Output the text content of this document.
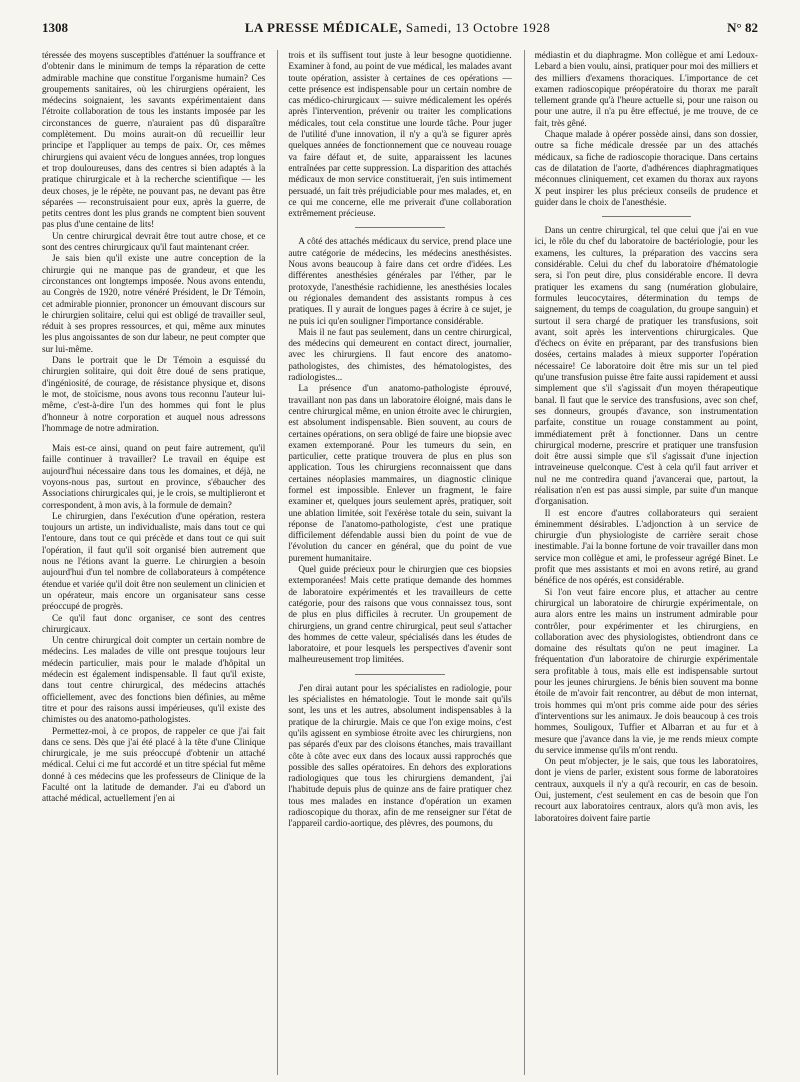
1308	LA PRESSE MÉDICALE, Samedi, 13 Octobre 1928	N° 82

téressée des moyens susceptibles d'atténuer la souffrance et d'obtenir dans le minimum de temps la réparation de cette admirable machine que constitue l'organisme humain? Ces groupements sanitaires, où les chirurgiens opéraient, les médecins soignaient, les savants expérimentaient dans l'étroite collaboration de tous les instants imposée par les circonstances de guerre, n'auraient pas dû disparaître complètement. Du moins aurait-on dû recueillir leur principe et l'appliquer au temps de paix. Or, ces mêmes chirurgiens qui avaient vécu de longues années, trop longues et trop douloureuses, dans des centres si bien adaptés à la pratique chirurgicale et à la recherche scientifique — les deux choses, je le répète, ne pouvant pas, ne devant pas être séparées — reconstruisaient pour eux, après la guerre, de petits centres dont les plus grands ne comptent bien souvent pas plus d'une centaine de lits!

Un centre chirurgical devrait être tout autre chose, et ce sont des centres chirurgicaux qu'il faut maintenant créer.

Je sais bien qu'il existe une autre conception de la chirurgie qui ne manque pas de grandeur, et que les circonstances ont longtemps imposée. Nous avons entendu, au Congrès de 1920, notre vénéré Président, le Dr Témoin, cet admirable pionnier, prononcer un émouvant discours sur le chirurgien solitaire, celui qui est obligé de travailler seul, réduit à ses propres ressources, et qui, même aux minutes les plus angoissantes de son dur labeur, ne peut compter que sur lui-même.

Dans le portrait que le Dr Témoin a esquissé du chirurgien solitaire, qui doit être doué de sens pratique, d'ingéniosité, de courage, de résistance physique et, disons le mot, de stoïcisme, nous avons tous reconnu l'auteur lui-même, c'est-à-dire l'un des hommes qui font le plus d'honneur à notre corporation et auquel nous adressons l'hommage de notre admiration.

Mais est-ce ainsi, quand on peut faire autrement, qu'il faille continuer à travailler? Le travail en équipe est aujourd'hui nécessaire dans tous les domaines, et déjà, ne voyons-nous pas, surtout en province, s'ébaucher des Associations chirurgicales qui, je le crois, se multiplieront et correspondent, à mon avis, à la formule de demain?

Le chirurgien, dans l'exécution d'une opération, restera toujours un artiste, un individualiste, mais dans tout ce qui l'entoure, dans tout ce qui précède et dans tout ce qui suit l'opération, il faut qu'il soit organisé bien autrement que nous ne l'étions avant la guerre. Le chirurgien a besoin aujourd'hui d'un tel nombre de collaborateurs à compétence étendue et variée qu'il doit être non seulement un clinicien et un opérateur, mais encore un organisateur sans cesse préoccupé de progrès.

Ce qu'il faut donc organiser, ce sont des centres chirurgicaux.

Un centre chirurgical doit compter un certain nombre de médecins. Les malades de ville ont presque toujours leur médecin particulier, mais pour le malade d'hôpital un médecin est également indispensable. Il faut qu'il existe, dans tout centre chirurgical, des médecins attachés officiellement, avec des fonctions bien définies, au même titre et pour des raisons aussi impérieuses, qu'il existe des chimistes ou des anatomo-pathologistes.

Permettez-moi, à ce propos, de rappeler ce que j'ai fait dans ce sens. Dès que j'ai été placé à la tête d'une Clinique chirurgicale, je me suis préoccupé d'obtenir un attaché médical. Celui ci me fut accordé et un titre spécial fut même donné à ces médecins que les professeurs de Clinique de la Faculté ont la latitude de demander. J'ai eu d'abord un attaché médical, actuellement j'en ai

trois et ils suffisent tout juste à leur besogne quotidienne. Examiner à fond, au point de vue médical, les malades avant toute opération, assister à certaines de ces opérations — cette présence est indispensable pour un certain nombre de cas médico-chirurgicaux — suivre médicalement les opérés après l'intervention, prévenir ou traiter les complications médicales, tout cela constitue une lourde tâche. Pour juger de l'utilité d'une innovation, il n'y a qu'à se figurer après quelques années de fonctionnement que ce nouveau rouage va faire défaut et, de suite, apparaissent les lacunes entraînées par cette suppression. La disparition des attachés médicaux de mon service constituerait, j'en suis intimement persuadé, un fait très préjudiciable pour mes malades, et, en ce qui me concerne, elle me priverait d'une collaboration extrêmement précieuse.

A côté des attachés médicaux du service, prend place une autre catégorie de médecins, les médecins anesthésistes. Nous avons beaucoup à faire dans cet ordre d'idées. Les différentes anesthésies générales par l'éther, par le protoxyde, l'anesthésie rachidienne, les anesthésies locales ou régionales demandent des assistants rompus à ces pratiques. Il y aurait de longues pages à écrire à ce sujet, je ne puis ici qu'en souligner l'importance considérable.

Mais il ne faut pas seulement, dans un centre chirurgical, des médecins qui demeurent en contact direct, journalier, avec les chirurgiens. Il faut encore des anatomo-pathologistes, des chimistes, des hématologistes, des radiologistes...

La présence d'un anatomo-pathologiste éprouvé, travaillant non pas dans un laboratoire éloigné, mais dans le centre chirurgical même, en union étroite avec le chirurgien, est absolument indispensable. Bien souvent, au cours de certaines opérations, on sera obligé de faire une biopsie avec examen extemporané. Pour les tumeurs du sein, en particulier, cette pratique trouvera de plus en plus son application. Tous les chirurgiens reconnaissent que dans certaines néoplasies mammaires, un diagnostic clinique formel est impossible. Enlever un fragment, le faire examiner et, quelques jours seulement après, pratiquer, soit une ablation limitée, soit l'exérèse totale du sein, suivant la réponse de l'anatomo-pathologiste, c'est une pratique difficilement défendable aussi bien du point de vue de l'évolution du cancer en général, que du point de vue purement humanitaire.

Quel guide précieux pour le chirurgien que ces biopsies extemporanées! Mais cette pratique demande des hommes de laboratoire expérimentés et les travailleurs de cette catégorie, pour des raisons que vous connaissez tous, sont de plus en plus difficiles à recruter. Un groupement de chirurgiens, un grand centre chirurgical, peut seul s'attacher des hommes de cette valeur, spécialisés dans les études de laboratoire, et pour lesquels les perspectives d'avenir sont malheureusement trop limitées.

J'en dirai autant pour les spécialistes en radiologie, pour les spécialistes en hématologie. Tout le monde sait qu'ils sont, les uns et les autres, absolument indispensables à la pratique de la chirurgie. Mais ce que l'on exige moins, c'est qu'ils agissent en symbiose étroite avec les chirurgiens, non pas séparés d'eux par des cloisons étanches, mais travaillant côte à côte avec eux dans des locaux aussi rapprochés que possible des salles opératoires. En dehors des explorations radiologiques que tous les chirurgiens demandent, j'ai l'habitude depuis plus de quinze ans de faire pratiquer chez tous mes malades en instance d'opération un examen radioscopique du thorax, afin de me renseigner sur l'état de l'appareil cardio-aortique, des plèvres, des poumons, du

médiastin et du diaphragme. Mon collègue et ami Ledoux-Lebard a bien voulu, ainsi, pratiquer pour moi des milliers et des milliers d'examens thoraciques. L'importance de cet examen radioscopique préopératoire du thorax me paraît tellement grande qu'à l'heure actuelle si, pour une raison ou pour une autre, il n'a pu être effectué, je me trouve, de ce fait, très gêné.

Chaque malade à opérer possède ainsi, dans son dossier, outre sa fiche médicale dressée par un des attachés médicaux, sa fiche de radioscopie thoracique. Dans certains cas de dilatation de l'aorte, d'adhérences diaphragmatiques méconnues cliniquement, cet examen du thorax aux rayons X peut inspirer les plus précieux conseils de prudence et guider dans le choix de l'anesthésie.

Dans un centre chirurgical, tel que celui que j'ai en vue ici, le rôle du chef du laboratoire de bactériologie, pour les examens, les cultures, la préparation des vaccins sera considérable. Celui du chef du laboratoire d'hématologie sera, si l'on peut dire, plus considérable encore. Il devra pratiquer les examens du sang (numération globulaire, formules leucocytaires, détermination du temps de saignement, du temps de coagulation, du groupe sanguin) et surtout il sera chargé de pratiquer les transfusions, soit avant, soit après les interventions chirurgicales. Que d'échecs on évite en préparant, par des transfusions bien dosées, certains malades à mieux supporter l'opération nécessaire! Ce laboratoire doit être mis sur un tel pied qu'une transfusion puisse être faite aussi rapidement et aussi simplement que s'il s'agissait d'un moyen thérapeutique banal. Il faut que le service des transfusions, avec son chef, ses donneurs, groupés d'avance, son instrumentation parfaite, constitue un rouage constamment au point, immédiatement prêt à fonctionner. Dans un centre chirurgical moderne, prescrire et pratiquer une transfusion doit être aussi simple que s'il s'agissait d'une injection intraveineuse quelconque. C'est à cela qu'il faut arriver et nul ne me contredira quand j'avancerai que, partout, la réalisation n'en est pas aussi simple, par suite d'un manque d'organisation.

Il est encore d'autres collaborateurs qui seraient éminemment désirables. L'adjonction à un service de chirurgie d'un physiologiste de carrière serait chose inestimable. J'ai la bonne fortune de voir travailler dans mon service mon collègue et ami, le professeur agrégé Binet. Le profit que mes assistants et moi en avons retiré, au grand bénéfice de nos opérés, est considérable.

Si l'on veut faire encore plus, et attacher au centre chirurgical un laboratoire de chirurgie expérimentale, on aura alors entre les mains un instrument admirable pour contrôler, pour expérimenter et les chirurgiens, en collaboration avec des physiologistes, obtiendront dans ce domaine des résultats qu'on ne peut imaginer. La fréquentation d'un laboratoire de chirurgie expérimentale sera profitable à tous, mais elle est indispensable surtout pour les jeunes chirurgiens. Je bénis bien souvent ma bonne étoile de m'avoir fait rencontrer, au début de mon internat, trois hommes qui m'ont pris comme aide pour des séries d'interventions sur les animaux. Je dois beaucoup à ces trois hommes, Souligoux, Tuffier et Albarran et au fur et à mesure que j'avance dans la vie, je me rends mieux compte du service immense qu'ils m'ont rendu.

On peut m'objecter, je le sais, que tous les laboratoires, dont je viens de parler, existent sous forme de laboratoires centraux, auxquels il n'y a qu'à recourir, en cas de besoin. Oui, justement, c'est seulement en cas de besoin que l'on recourt aux laboratoires centraux, alors qu'à mon avis, les laboratoires doivent faire partie
